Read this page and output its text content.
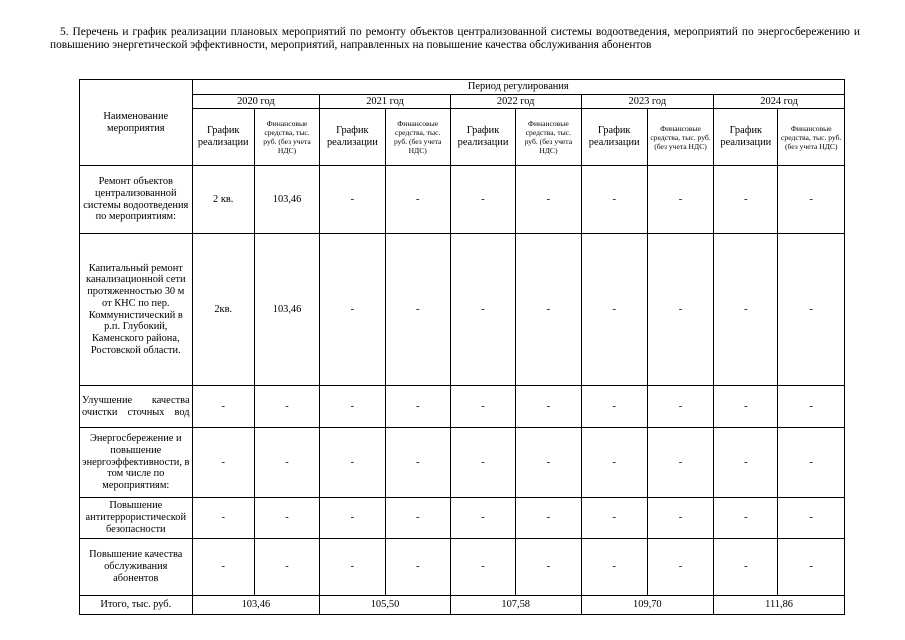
5. Перечень и график реализации плановых мероприятий по ремонту объектов централизованной системы водоотведения, мероприятий по энергосбережению и повышению энергетической эффективности, мероприятий, направленных на повышение качества обслуживания абонентов
Наименование мероприятия	Период регулирования									
	2020 год		2021 год		2022 год		2023 год		2024 год	
	График реализации	Финансовые средства, тыс. руб. (без учета НДС)	График реализации	Финансовые средства, тыс. руб. (без учета НДС)	График реализации	Финансовые средства, тыс. руб. (без учета НДС)	График реализации	Финансовые средства, тыс. руб. (без учета НДС)	График реализации	Финансовые средства, тыс. руб. (без учета НДС)
Ремонт объектов централизованной системы водоотведения по мероприятиям:	2 кв.	103,46	-	-	-	-	-	-	-	-
Капитальный ремонт канализационной сети протяженностью 30 м от КНС по пер. Коммунистический в р.п. Глубокий, Каменского района, Ростовской области.	2кв.	103,46	-	-	-	-	-	-	-	-
Улучшение качества очистки сточных вод	-	-	-	-	-	-	-	-	-	-
Энергосбережение и повышение энергоэффективности, в том числе по мероприятиям:	-	-	-	-	-	-	-	-	-	-
Повышение антитеррористической безопасности	-	-	-	-	-	-	-	-	-	-
Повышение качества обслуживания абонентов	-	-	-	-	-	-	-	-	-	-
Итого, тыс. руб.	103,46		105,50		107,58		109,70		111,86	
